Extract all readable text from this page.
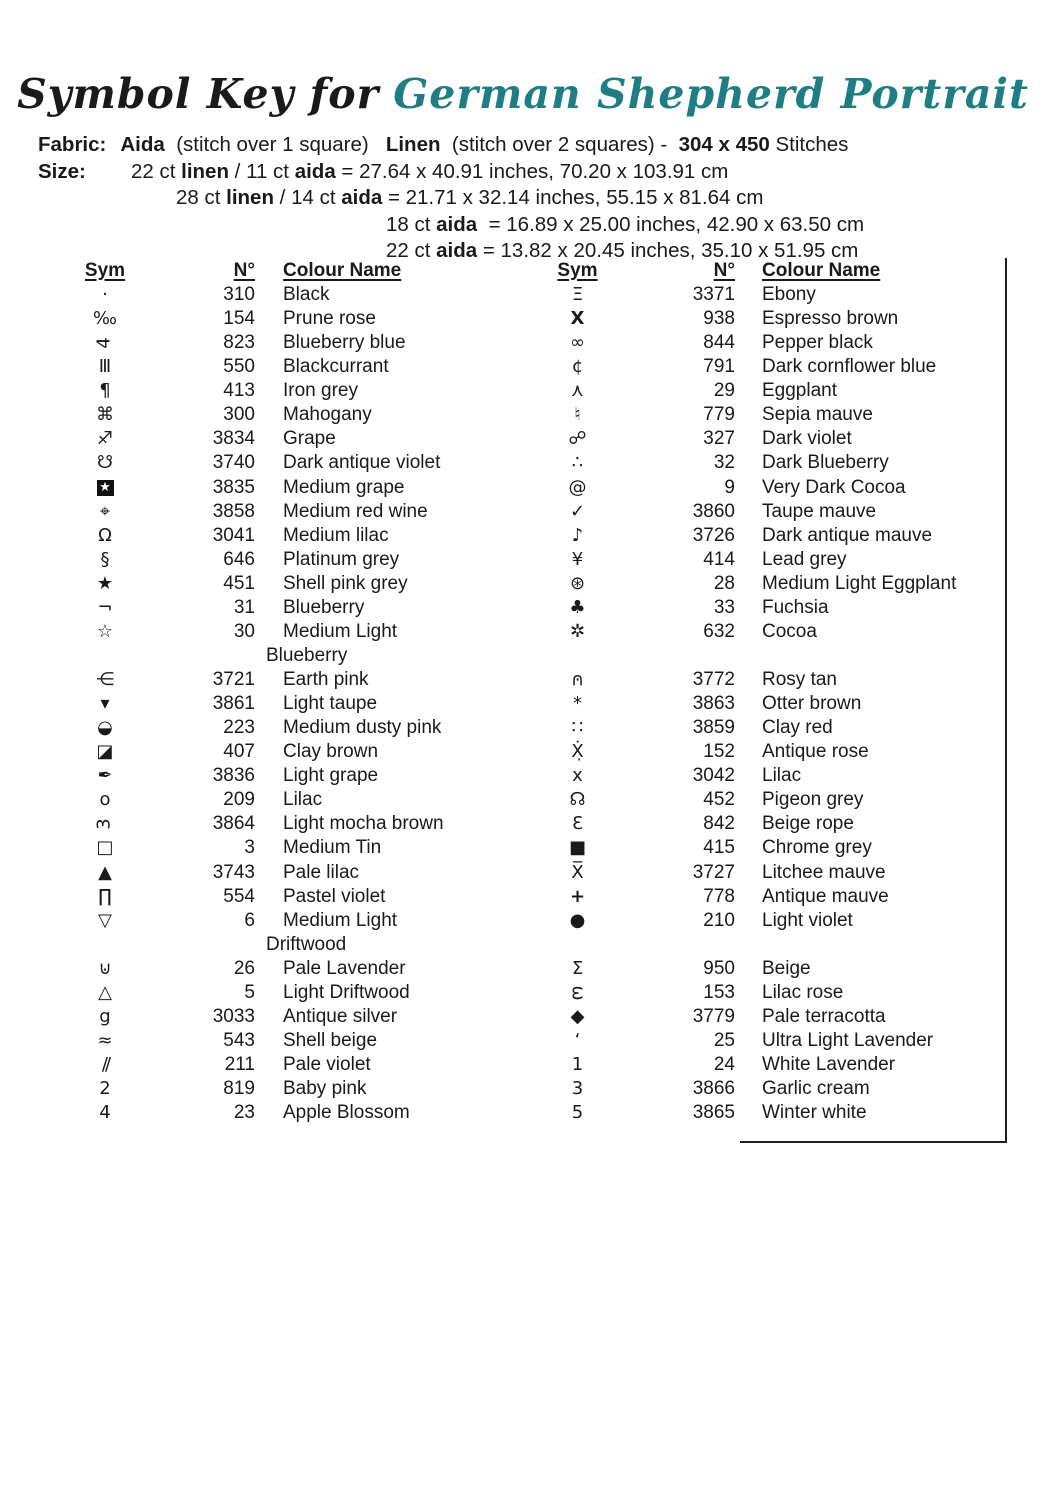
Symbol Key for German Shepherd Portrait
Fabric: Aida  (stitch over 1 square)   Linen  (stitch over 2 squares) -  304 x 450 Stitches
Size: 22 ct linen / 11 ct aida = 27.64 x 40.91 inches, 70.20 x 103.91 cm
28 ct linen / 14 ct aida = 21.71 x 32.14 inches, 55.15 x 81.64 cm
18 ct aida  = 16.89 x 25.00 inches, 42.90 x 63.50 cm
22 ct aida = 13.82 x 20.45 inches, 35.10 x 51.95 cm
Sym	N°	Colour Name	Sym	N°	Colour Name
·	310	Black	Ξ	3371	Ebony
‰	154	Prune rose	X	938	Espresso brown
4	823	Blueberry blue	∞	844	Pepper black
Ⅲ	550	Blackcurrant	¢	791	Dark cornflower blue
¶	413	Iron grey	⋏	29	Eggplant
⌘	300	Mahogany	♮	779	Sepia mauve
♐	3834	Grape	☍	327	Dark violet
☋	3740	Dark antique violet	∴	32	Dark Blueberry
★	3835	Medium grape	@	9	Very Dark Cocoa
⌖	3858	Medium red wine	✓	3860	Taupe mauve
Ω	3041	Medium lilac	♪	3726	Dark antique mauve
§	646	Platinum grey	¥	414	Lead grey
★	451	Shell pink grey	⊛	28	Medium Light Eggplant
¬	31	Blueberry	♣	33	Fuchsia
☆	30	Medium Light	✲	632	Cocoa
Blueberry
⋲	3721	Earth pink	⊍	3772	Rosy tan
▾	3861	Light taupe	*	3863	Otter brown
◒	223	Medium dusty pink	∷	3859	Clay red
◪	407	Clay brown	Ẋ̣	152	Antique rose
✒	3836	Light grape	x	3042	Lilac
o	209	Lilac	☊	452	Pigeon grey
3	3864	Light mocha brown	Ɛ	842	Beige rope
□	3	Medium Tin	■	415	Chrome grey
▲	3743	Pale lilac	X̅	3727	Litchee mauve
∏	554	Pastel violet	+	778	Antique mauve
▽	6	Medium Light	●	210	Light violet
Driftwood
⊍	26	Pale Lavender	Σ	950	Beige
△	5	Light Driftwood	ω	153	Lilac rose
g	3033	Antique silver	◆	3779	Pale terracotta
≈	543	Shell beige	‘	25	Ultra Light Lavender
//	211	Pale violet	1	24	White Lavender
2	819	Baby pink	3	3866	Garlic cream
4	23	Apple Blossom	5	3865	Winter white
